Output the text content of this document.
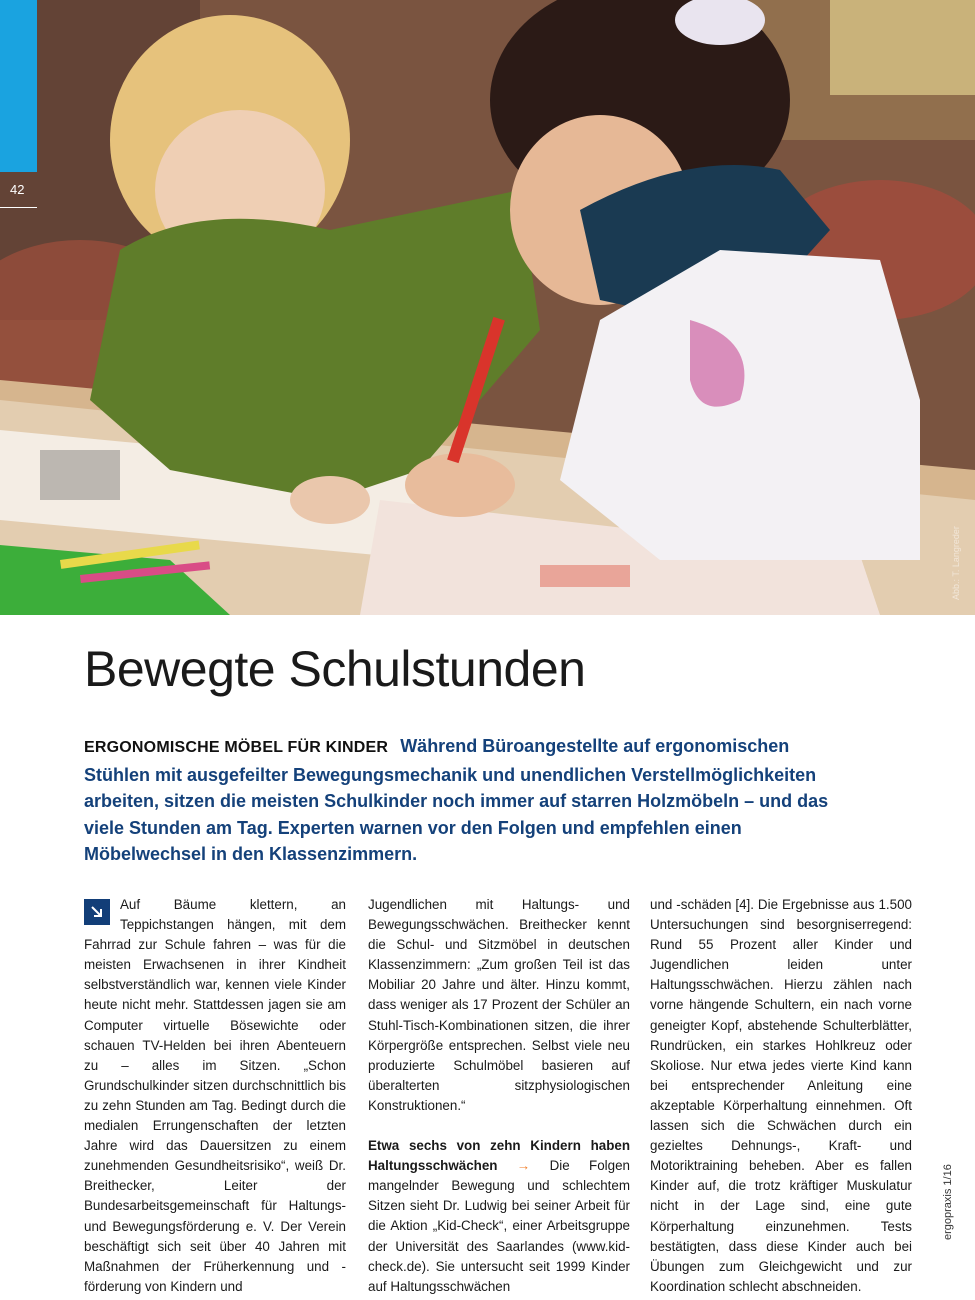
42
Abb.: T. Langreder
Bewegte Schulstunden
ERGONOMISCHE MÖBEL FÜR KINDER Während Büroangestellte auf ergonomischen Stühlen mit ausgefeilter Bewegungsmechanik und unendlichen Verstellmöglichkeiten arbeiten, sitzen die meisten Schulkinder noch immer auf starren Holzmöbeln – und das viele Stunden am Tag. Experten warnen vor den Folgen und empfehlen einen Möbelwechsel in den Klassenzimmern.

Auf Bäume klettern, an Teppichstangen hängen, mit dem Fahrrad zur Schule fahren – was für die meisten Erwachsenen in ihrer Kindheit selbstverständlich war, kennen viele Kinder heute nicht mehr. Stattdessen jagen sie am Computer virtuelle Bösewichte oder schauen TV-Helden bei ihren Abenteuern zu – alles im Sitzen. „Schon Grundschulkinder sitzen durchschnittlich bis zu zehn Stunden am Tag. Bedingt durch die medialen Errungenschaften der letzten Jahre wird das Dauersitzen zu einem zunehmenden Gesundheitsrisiko“, weiß Dr. Breithecker, Leiter der Bundesarbeitsgemeinschaft für Haltungs- und Bewegungsförderung e. V. Der Verein beschäftigt sich seit über 40 Jahren mit Maßnahmen der Früherkennung und -förderung von Kindern und

Jugendlichen mit Haltungs- und Bewegungsschwächen. Breithecker kennt die Schul- und Sitzmöbel in deutschen Klassenzimmern: „Zum großen Teil ist das Mobiliar 20 Jahre und älter. Hinzu kommt, dass weniger als 17 Prozent der Schüler an Stuhl-Tisch-Kombinationen sitzen, die ihrer Körpergröße entsprechen. Selbst viele neu produzierte Schulmöbel basieren auf überalterten sitzphysiologischen Konstruktionen.“

Etwa sechs von zehn Kindern haben Haltungsschwächen → Die Folgen mangelnder Bewegung und schlechtem Sitzen sieht Dr. Ludwig bei seiner Arbeit für die Aktion „Kid-Check“, einer Arbeitsgruppe der Universität des Saarlandes (www.kid-check.de). Sie untersucht seit 1999 Kinder auf Haltungsschwächen

und -schäden [4]. Die Ergebnisse aus 1.500 Untersuchungen sind besorgniserregend: Rund 55 Prozent aller Kinder und Jugendlichen leiden unter Haltungsschwächen. Hierzu zählen nach vorne hängende Schultern, ein nach vorne geneigter Kopf, abstehende Schulterblätter, Rundrücken, ein starkes Hohlkreuz oder Skoliose. Nur etwa jedes vierte Kind kann bei entsprechender Anleitung eine akzeptable Körperhaltung einnehmen. Oft lassen sich die Schwächen durch ein gezieltes Dehnungs-, Kraft- und Motoriktraining beheben. Aber es fallen Kinder auf, die trotz kräftiger Muskulatur nicht in der Lage sind, eine gute Körperhaltung einzunehmen. Tests bestätigten, dass diese Kinder auch bei Übungen zum Gleichgewicht und zur Koordination schlecht abschneiden.

ergopraxis 1/16
